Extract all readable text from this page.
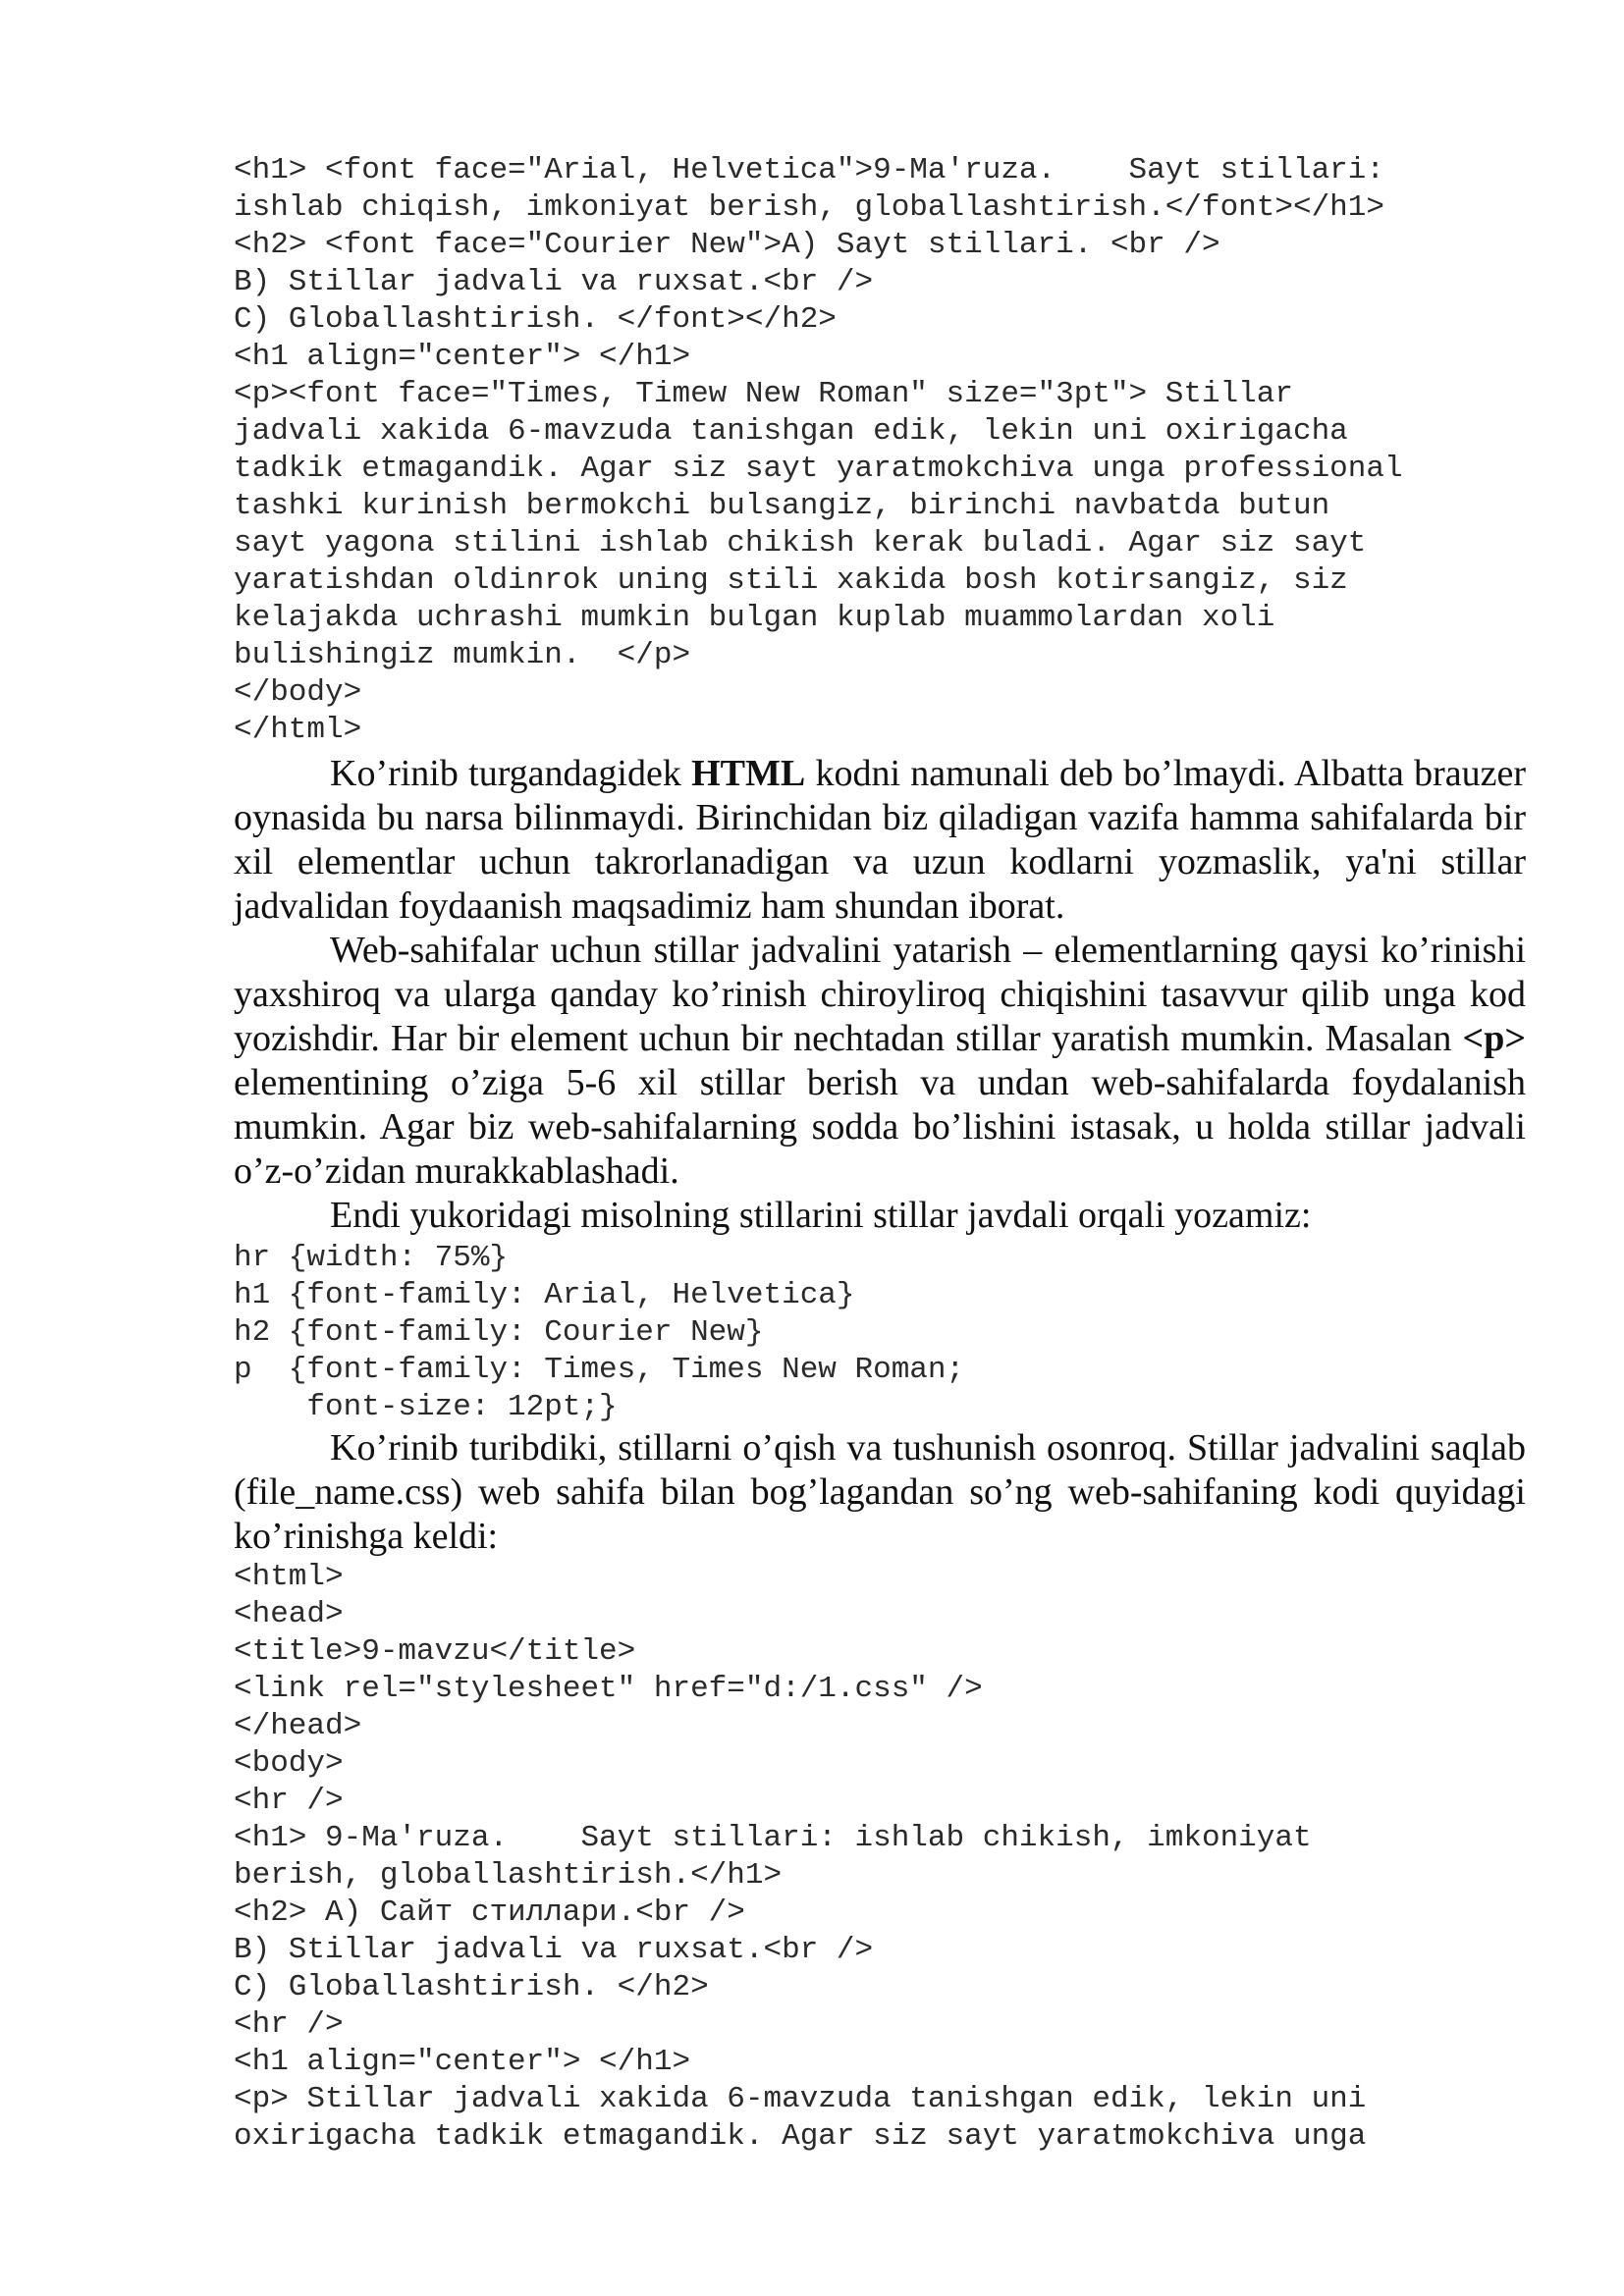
<h1> <font face="Arial, Helvetica">9-Ma'ruza.    Sayt stillari:
ishlab chiqish, imkoniyat berish, globallashtirish.</font></h1>
<h2> <font face="Courier New">A) Sayt stillari. <br />
B) Stillar jadvali va ruxsat.<br />
C) Globallashtirish. </font></h2>
<h1 align="center"> </h1>
<p><font face="Times, Timew New Roman" size="3pt"> Stillar
jadvali xakida 6-mavzuda tanishgan edik, lekin uni oxirigacha
tadkik etmagandik. Agar siz sayt yaratmokchiva unga professional
tashki kurinish bermokchi bulsangiz, birinchi navbatda butun
sayt yagona stilini ishlab chikish kerak buladi. Agar siz sayt
yaratishdan oldinrok uning stili xakida bosh kotirsangiz, siz
kelajakda uchrashi mumkin bulgan kuplab muammolardan xoli
bulishingiz mumkin.  </p>
</body>
</html>

Ko’rinib turgandagidek HTML kodni namunali deb bo’lmaydi. Albatta brauzer oynasida bu narsa bilinmaydi. Birinchidan biz qiladigan vazifa hamma sahifalarda bir xil elementlar uchun takrorlanadigan va uzun kodlarni yozmaslik, ya'ni stillar jadvalidan foydaanish maqsadimiz ham shundan iborat.

Web-sahifalar uchun stillar jadvalini yatarish – elementlarning qaysi ko’rinishi yaxshiroq va ularga qanday ko’rinish chiroyliroq chiqishini tasavvur qilib unga kod yozishdir. Har bir element uchun bir nechtadan stillar yaratish mumkin. Masalan <p> elementining o’ziga 5-6 xil stillar berish va undan web-sahifalarda foydalanish mumkin. Agar biz web-sahifalarning sodda bo’lishini istasak, u holda stillar jadvali o’z-o’zidan murakkablashadi.

Endi yukoridagi misolning stillarini stillar javdali orqali yozamiz:

hr {width: 75%}
h1 {font-family: Arial, Helvetica}
h2 {font-family: Courier New}
p  {font-family: Times, Times New Roman;
font-size: 12pt;}

Ko’rinib turibdiki, stillarni o’qish va tushunish osonroq. Stillar jadvalini saqlab (file_name.css) web sahifa bilan bog’lagandan so’ng web-sahifaning kodi quyidagi ko’rinishga keldi:

<html>
<head>
<title>9-mavzu</title>
<link rel="stylesheet" href="d:/1.css" />
</head>
<body>
<hr />
<h1> 9-Ma'ruza.    Sayt stillari: ishlab chikish, imkoniyat
berish, globallashtirish.</h1>
<h2> A) Сайт стиллари.<br />
B) Stillar jadvali va ruxsat.<br />
C) Globallashtirish. </h2>
<hr />
<h1 align="center"> </h1>
<p> Stillar jadvali xakida 6-mavzuda tanishgan edik, lekin uni
oxirigacha tadkik etmagandik. Agar siz sayt yaratmokchiva unga
